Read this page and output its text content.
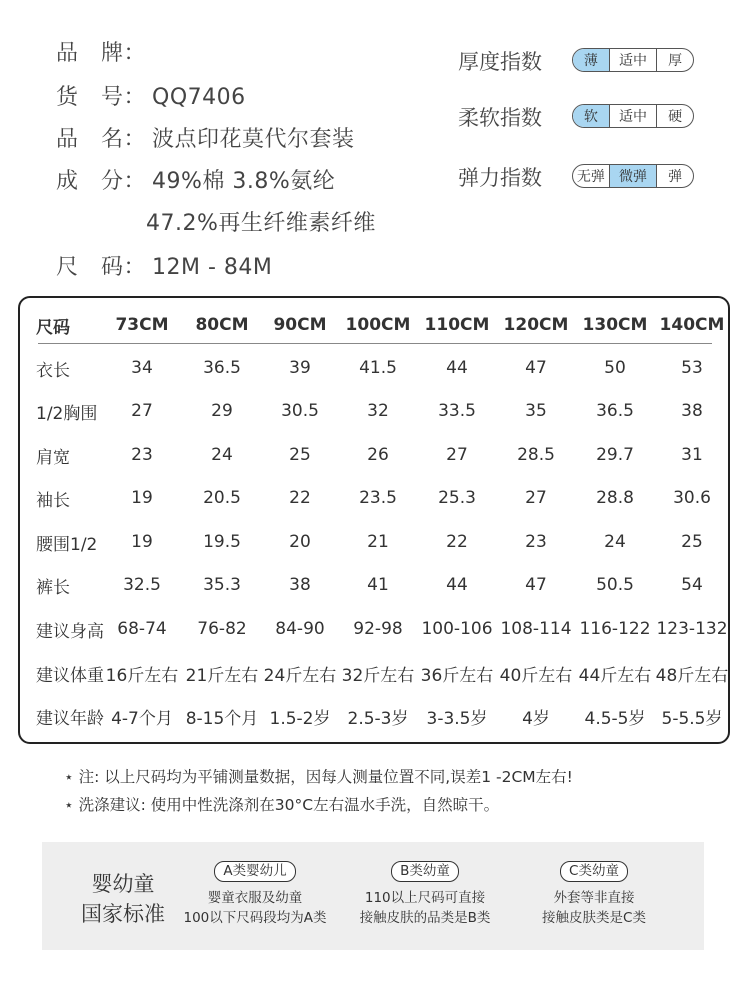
品　牌：
货　号： QQ7406
品　名： 波点印花莫代尔套装
成　分： 49%棉 3.8%氨纶
47.2%再生纤维素纤维
尺　码： 12M - 84M
厚度指数	薄	适中	厚
柔软指数	软	适中	硬
弹力指数 无弹	微弹	弹
尺码	73CM	80CM	90CM	100CM 110CM 120CM 130CM 140CM
衣长	34	36.5	39	41.5	44	47	50	53
1/2胸围	27	29	30.5	32	33.5	35	36.5	38
肩宽	23	24	25	26	27	28.5	29.7	31
袖长	19	20.5	22	23.5	25.3	27	28.8	30.6
腰围1/2	19	19.5	20	21	22	23	24	25
裤长	32.5	35.3	38	41	44	47	50.5	54
建议身高 68-74	76-82	84-90	92-98	100-106 108-114 116-122 123-132
建议体重 16斤左右 21斤左右 24斤左右 32斤左右 36斤左右 40斤左右 44斤左右 48斤左右
建议年龄 4-7个月 8-15个月 1.5-2岁	2.5-3岁	3-3.5岁	4岁	4.5-5岁 5-5.5岁
⋆ 注: 以上尺码均为平铺测量数据，因每人测量位置不同,误差1 -2CM左右!
⋆ 洗涤建议: 使用中性洗涤剂在30°C左右温水手洗，自然晾干。
婴幼童
国家标准
A类婴幼儿
婴童衣服及幼童
100以下尺码段均为A类
B类幼童
110以上尺码可直接
接触皮肤的品类是B类
C类幼童
外套等非直接
接触皮肤类是C类
